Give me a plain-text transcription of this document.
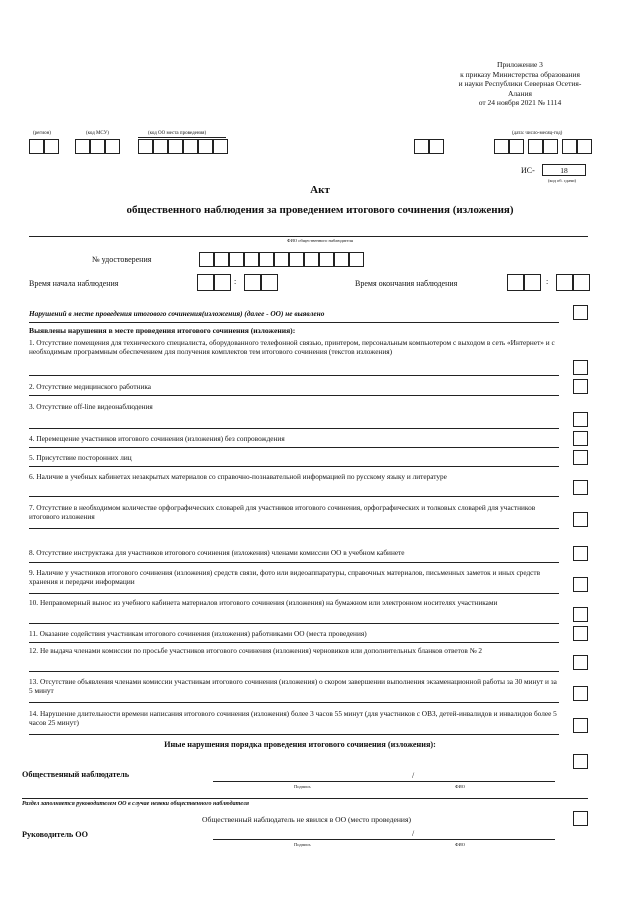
Приложение 3
к приказу Министерства образования
и науки Республики Северная Осетия-
Алания
от 24 ноября 2021 № 1114
(регион)	(код МСУ)	(код ОО места проведения)	(дата: число-месяц-год)
ИС-	18
(код об. сдачи)
Акт
общественного наблюдения за проведением итогового сочинения (изложения)
ФИО общественного наблюдателя
№ удостоверения
Время начала наблюдения	:	Время окончания наблюдения	:
Нарушений в месте проведения итогового сочинения(изложения) (далее - ОО) не выявлено
Выявлены нарушения в месте проведения итогового сочинения (изложения):
1. Отсутствие помещения для технического специалиста, оборудованного телефонной связью, принтером, персональным компьютером с выходом в сеть «Интернет» и с необходимым программным обеспечением для получения комплектов тем итогового сочинения (текстов изложения)
2. Отсутствие медицинского работника
3. Отсутствие off-line видеонаблюдения
4. Перемещение участников итогового сочинения (изложения) без сопровождения
5. Присутствие посторонних лиц
6. Наличие в учебных кабинетах незакрытых материалов со справочно-познавательной информацией по русскому языку и литературе
7. Отсутствие в необходимом количестве орфографических словарей для участников итогового сочинения, орфографических и толковых словарей для участников итогового изложения
8. Отсутствие инструктажа для участников итогового сочинения (изложения) членами комиссии ОО в учебном кабинете
9. Наличие у участников итогового сочинения (изложения) средств связи, фото или видеоаппаратуры, справочных материалов, письменных заметок и иных средств хранения и передачи информации
10. Неправомерный вынос из учебного кабинета материалов итогового сочинения (изложения) на бумажном или электронном носителях участниками
11. Оказание содействия участникам итогового сочинения (изложения) работниками ОО (места проведения)
12. Не выдача членами комиссии по просьбе участников итогового сочинения (изложения) черновиков или дополнительных бланков ответов № 2
13. Отсутствие объявления членами комиссии участникам итогового сочинения (изложения) о скором завершении выполнения экзаменационной работы за 30 минут и за 5 минут
14. Нарушение длительности времени написания итогового сочинения (изложения) более 3 часов 55 минут (для участников с ОВЗ, детей-инвалидов и инвалидов более 5 часов 25 минут)
Иные нарушения порядка проведения итогового сочинения (изложения):
Общественный наблюдатель	/
Подпись	ФИО
Раздел заполняется руководителем ОО в случае неявки общественного наблюдателя
Общественный наблюдатель не явился в ОО (место проведения)
Руководитель ОО	/
Подпись	ФИО
